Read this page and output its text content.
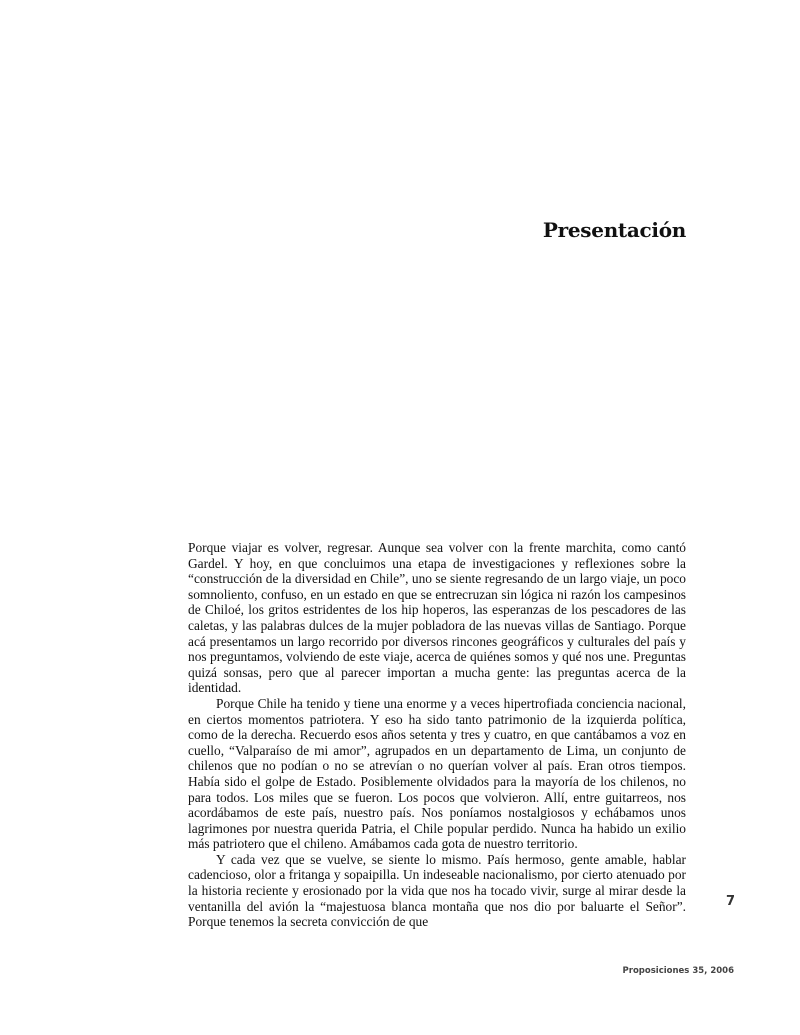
Presentación

Porque viajar es volver, regresar. Aunque sea volver con la frente marchita, como cantó Gardel. Y hoy, en que concluimos una etapa de investigaciones y reflexiones sobre la “construcción de la diversidad en Chile”, uno se siente regresando de un largo viaje, un poco somnoliento, confuso, en un estado en que se entrecruzan sin lógica ni razón los campesinos de Chiloé, los gritos estridentes de los hip hoperos, las esperanzas de los pescadores de las caletas, y las palabras dulces de la mujer pobladora de las nuevas villas de Santiago. Porque acá presentamos un largo recorrido por diversos rincones geográficos y culturales del país y nos preguntamos, volviendo de este viaje, acerca de quiénes somos y qué nos une. Preguntas quizá sonsas, pero que al parecer importan a mucha gente: las preguntas acerca de la identidad.

Porque Chile ha tenido y tiene una enorme y a veces hipertrofiada conciencia nacional, en ciertos momentos patriotera. Y eso ha sido tanto patrimonio de la izquierda política, como de la derecha. Recuerdo esos años setenta y tres y cuatro, en que cantábamos a voz en cuello, “Valparaíso de mi amor”, agrupados en un departamento de Lima, un conjunto de chilenos que no podían o no se atrevían o no querían volver al país. Eran otros tiempos. Había sido el golpe de Estado. Posiblemente olvidados para la mayoría de los chilenos, no para todos. Los miles que se fueron. Los pocos que volvieron. Allí, entre guitarreos, nos acordábamos de este país, nuestro país. Nos poníamos nostalgiosos y echábamos unos lagrimones por nuestra querida Patria, el Chile popular perdido. Nunca ha habido un exilio más patriotero que el chileno. Amábamos cada gota de nuestro territorio.

Y cada vez que se vuelve, se siente lo mismo. País hermoso, gente amable, hablar cadencioso, olor a fritanga y sopaipilla. Un indeseable nacionalismo, por cierto atenuado por la historia reciente y erosionado por la vida que nos ha tocado vivir, surge al mirar desde la ventanilla del avión la “majestuosa blanca montaña que nos dio por baluarte el Señor”. Porque tenemos la secreta convicción de que

7
Proposiciones 35, 2006
